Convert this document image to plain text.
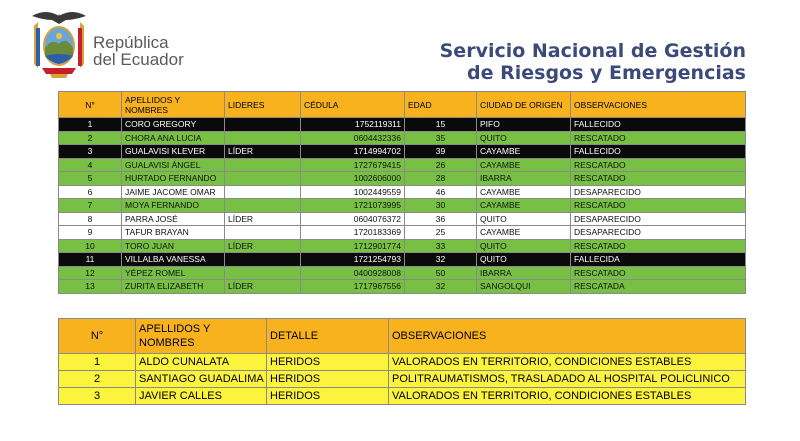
República
del Ecuador	Servicio Nacional de Gestión
de Riesgos y Emergencias
N°	APELLIDOS Y NOMBRES	LIDERES	CÉDULA	EDAD	CIUDAD DE ORIGEN	OBSERVACIONES
1	CORO GREGORY		1752119311	15	PIFO	FALLECIDO
2	CHORA ANA LUCIA		0604432336	35	QUITO	RESCATADO
3	GUALAVISI KLEVER	LÍDER	1714994702	39	CAYAMBE	FALLECIDO
4	GUALAVISI ÁNGEL		1727679415	26	CAYAMBE	RESCATADO
5	HURTADO FERNANDO		1002606000	28	IBARRA	RESCATADO
6	JAIME JACOME OMAR		1002449559	46	CAYAMBE	DESAPARECIDO
7	MOYA FERNANDO		1721073995	30	CAYAMBE	RESCATADO
8	PARRA JOSÉ	LÍDER	0604076372	36	QUITO	DESAPARECIDO
9	TAFUR BRAYAN		1720183369	25	CAYAMBE	DESAPARECIDO
10	TORO JUAN	LÍDER	1712901774	33	QUITO	RESCATADO
11	VILLALBA VANESSA		1721254793	32	QUITO	FALLECIDA
12	YÉPEZ ROMEL		0400928008	50	IBARRA	RESCATADO
13	ZURITA ELIZABETH	LÍDER	1717967556	32	SANGOLQUI	RESCATADA
N°	APELLIDOS Y NOMBRES	DETALLE	OBSERVACIONES
1	ALDO CUNALATA	HERIDOS	VALORADOS EN TERRITORIO, CONDICIONES ESTABLES
2	SANTIAGO GUADALIMA	HERIDOS	POLITRAUMATISMOS, TRASLADADO AL HOSPITAL POLICLINICO
3	JAVIER CALLES	HERIDOS	VALORADOS EN TERRITORIO, CONDICIONES ESTABLES
